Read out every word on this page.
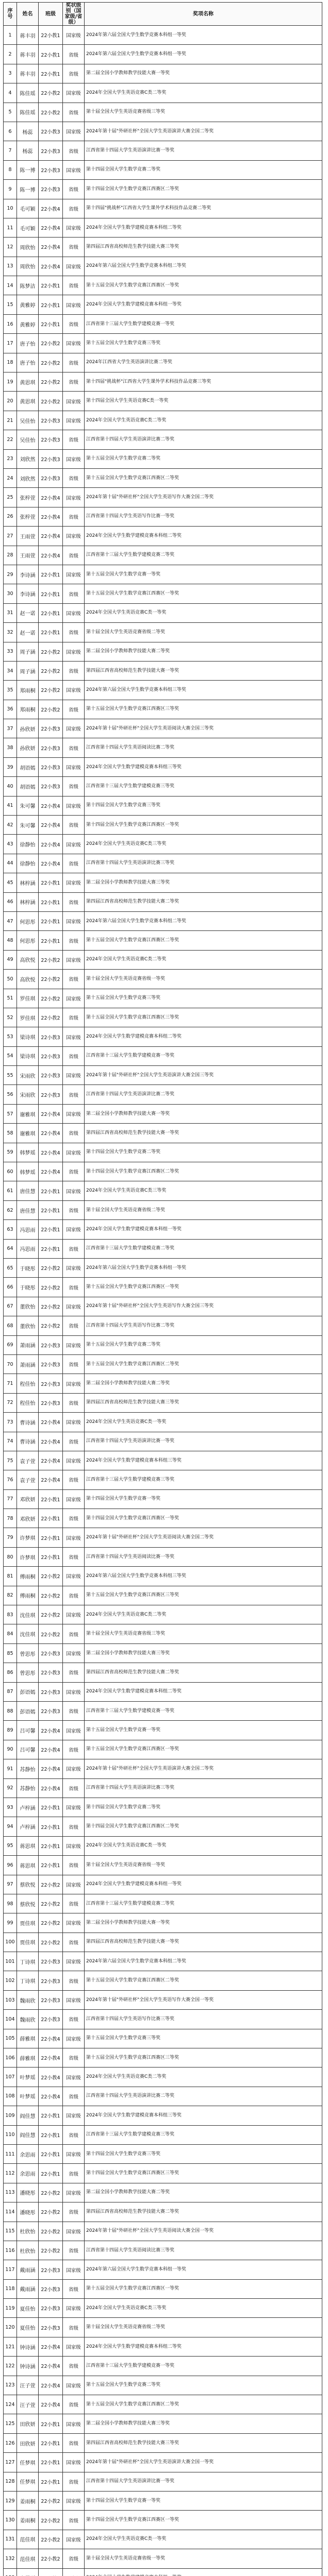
序号	姓名	班级	奖状级别（国家级/省级）	奖项名称
1	蒋丰羽	22小教1	国家级	2024年第六届全国大学生数学竞赛本科组一等奖
2	蒋丰羽	22小教1	省级	2024年第六届全国大学生数学竞赛本科组一等奖
3	蒋丰羽	22小教1	省级	第二届全国小学教师教学技能大赛一等奖
4	陈佳瑶	22小教2	国家级	2024年全国大学生英语竞赛C类二等奖
5	陈佳瑶	22小教2	省级	第十届全国大学生英语竞赛省级三等奖
6	杨蕊	22小教3	国家级	2024年第十届"外研社杯"全国大学生英语演讲大赛全国二等奖
7	杨蕊	22小教3	省级	江西省第十四届大学生英语演讲比赛一等奖
8	陈一博	22小教3	国家级	第十四届全国大学生数学竞赛二等奖
9	陈一博	22小教3	省级	第十四届全国大学生数学竞赛江西赛区二等奖
10	毛可颖	22小教4	省级	第十四届"挑战杯"江西省大学生课外学术科技作品竞赛二等奖
11	毛可颖	22小教4	国家级	2024年全国大学生数学建模竞赛本科组二等奖
12	周欣怡	22小教4	省级	第四届江西省高校师范生教学技能大赛三等奖
13	周欣怡	22小教4	国家级	2024年第六届全国大学生数学竞赛本科组二等奖
14	陈梦洁	22小教1	省级	第十五届全国大学生数学竞赛江西赛区一等奖
15	黄雅婷	22小教1	国家级	2024年全国大学生数学建模竞赛本科组一等奖
16	黄雅婷	22小教1	省级	江西省第十三届大学生数学建模竞赛一等奖
17	唐子怡	22小教2	国家级	第十五届全国大学生数学竞赛三等奖
18	唐子怡	22小教2	省级	2024年江西省大学生英语演讲比赛二等奖
19	黄思琪	22小教2	省级	第十四届"挑战杯"江西省大学生课外学术科技作品竞赛三等奖
20	黄思琪	22小教2	国家级	第十四届全国大学生英语竞赛C类一等奖
21	吴佳怡	22小教3	国家级	2024年全国大学生英语竞赛C类二等奖
22	吴佳怡	22小教3	省级	江西省第十四届大学生英语演讲比赛二等奖
23	刘欣然	22小教3	国家级	第十五届全国大学生数学竞赛二等奖
24	刘欣然	22小教3	省级	第十五届全国大学生数学竞赛江西赛区二等奖
25	张梓萱	22小教4	国家级	2024年第十届"外研社杯"全国大学生英语写作大赛全国二等奖
26	张梓萱	22小教4	省级	江西省第十四届大学生英语写作比赛一等奖
27	王雨萱	22小教4	国家级	2024年全国大学生数学建模竞赛本科组二等奖
28	王雨萱	22小教4	省级	江西省第十三届大学生数学建模竞赛二等奖
29	李诗涵	22小教1	国家级	第十五届全国大学生数学竞赛一等奖
30	李诗涵	22小教1	省级	第十五届全国大学生数学竞赛江西赛区一等奖
31	赵一诺	22小教1	国家级	2024年全国大学生英语竞赛C类一等奖
32	赵一诺	22小教1	省级	第十届全国大学生英语竞赛省级二等奖
33	周子涵	22小教2	国家级	第二届全国小学教师教学技能大赛二等奖
34	周子涵	22小教2	省级	第四届江西省高校师范生教学技能大赛一等奖
35	郑雨桐	22小教2	国家级	2024年第六届全国大学生数学竞赛本科组三等奖
36	郑雨桐	22小教2	省级	第十五届全国大学生数学竞赛江西赛区三等奖
37	孙欣妍	22小教3	国家级	2024年第十届"外研社杯"全国大学生英语阅读大赛全国三等奖
38	孙欣妍	22小教3	省级	江西省第十四届大学生英语阅读比赛二等奖
39	胡语嫣	22小教3	国家级	2024年全国大学生数学建模竞赛本科组三等奖
40	胡语嫣	22小教3	省级	江西省第十三届大学生数学建模竞赛三等奖
41	朱可馨	22小教4	国家级	第十四届全国大学生数学竞赛三等奖
42	朱可馨	22小教4	省级	第十四届全国大学生数学竞赛江西赛区一等奖
43	徐静怡	22小教4	国家级	2024年全国大学生英语竞赛C类三等奖
44	徐静怡	22小教4	省级	江西省第十四届大学生英语演讲比赛三等奖
45	林梓涵	22小教1	国家级	第二届全国小学教师教学技能大赛三等奖
46	林梓涵	22小教1	省级	第四届江西省高校师范生教学技能大赛二等奖
47	何思彤	22小教1	国家级	2024年第六届全国大学生数学竞赛本科组二等奖
48	何思彤	22小教1	省级	第十五届全国大学生数学竞赛江西赛区二等奖
49	高欣悦	22小教2	国家级	2024年全国大学生英语竞赛C类二等奖
50	高欣悦	22小教2	省级	第十届全国大学生英语竞赛省级一等奖
51	罗佳琪	22小教2	国家级	第十五届全国大学生数学竞赛三等奖
52	罗佳琪	22小教2	省级	第十五届全国大学生数学竞赛江西赛区三等奖
53	梁诗琪	22小教3	国家级	2024年全国大学生数学建模竞赛本科组二等奖
54	梁诗琪	22小教3	省级	江西省第十三届大学生数学建模竞赛一等奖
55	宋雨欣	22小教3	国家级	2024年第十届"外研社杯"全国大学生英语演讲大赛全国三等奖
56	宋雨欣	22小教3	省级	江西省第十四届大学生英语演讲比赛二等奖
57	谢雅琪	22小教4	国家级	第二届全国小学教师教学技能大赛一等奖
58	谢雅琪	22小教4	省级	第四届江西省高校师范生教学技能大赛一等奖
59	韩梦瑶	22小教4	国家级	第十四届全国大学生数学竞赛二等奖
60	韩梦瑶	22小教4	省级	第十四届全国大学生数学竞赛江西赛区二等奖
61	唐佳慧	22小教1	国家级	2024年全国大学生英语竞赛C类三等奖
62	唐佳慧	22小教1	省级	第十届全国大学生英语竞赛省级二等奖
63	冯思雨	22小教1	国家级	2024年全国大学生数学建模竞赛本科组一等奖
64	冯思雨	22小教1	省级	江西省第十三届大学生数学建模竞赛二等奖
65	于晓彤	22小教2	国家级	2024年第六届全国大学生数学竞赛本科组一等奖
66	于晓彤	22小教2	省级	第十五届全国大学生数学竞赛江西赛区一等奖
67	董欣怡	22小教2	国家级	2024年第十届"外研社杯"全国大学生英语写作大赛全国三等奖
68	董欣怡	22小教2	省级	江西省第十四届大学生英语写作比赛二等奖
69	萧雨涵	22小教3	国家级	第十五届全国大学生数学竞赛二等奖
70	萧雨涵	22小教3	省级	第十五届全国大学生数学竞赛江西赛区二等奖
71	程佳怡	22小教3	国家级	第二届全国小学教师教学技能大赛二等奖
72	程佳怡	22小教3	省级	第四届江西省高校师范生教学技能大赛三等奖
73	曹诗涵	22小教4	国家级	2024年全国大学生英语竞赛C类一等奖
74	曹诗涵	22小教4	省级	江西省第十四届大学生英语演讲比赛一等奖
75	袁子萱	22小教4	国家级	2024年全国大学生数学建模竞赛本科组三等奖
76	袁子萱	22小教4	省级	江西省第十三届大学生数学建模竞赛三等奖
77	邓欣妍	22小教1	国家级	第十四届全国大学生数学竞赛一等奖
78	邓欣妍	22小教1	省级	第十四届全国大学生数学竞赛江西赛区一等奖
79	许梦琪	22小教1	国家级	2024年第十届"外研社杯"全国大学生英语阅读大赛全国二等奖
80	许梦琪	22小教1	省级	江西省第十四届大学生英语阅读比赛一等奖
81	傅雨桐	22小教2	国家级	2024年第六届全国大学生数学竞赛本科组三等奖
82	傅雨桐	22小教2	省级	第十五届全国大学生数学竞赛江西赛区三等奖
83	沈佳琪	22小教2	国家级	2024年全国大学生英语竞赛C类二等奖
84	沈佳琪	22小教2	省级	第十届全国大学生英语竞赛省级三等奖
85	曾思彤	22小教3	国家级	第二届全国小学教师教学技能大赛三等奖
86	曾思彤	22小教3	省级	第四届江西省高校师范生教学技能大赛二等奖
87	彭语嫣	22小教3	国家级	2024年全国大学生数学建模竞赛本科组二等奖
88	彭语嫣	22小教3	省级	江西省第十三届大学生数学建模竞赛一等奖
89	吕可馨	22小教4	国家级	第十五届全国大学生数学竞赛一等奖
90	吕可馨	22小教4	省级	第十五届全国大学生数学竞赛江西赛区一等奖
91	苏静怡	22小教4	国家级	2024年第十届"外研社杯"全国大学生英语演讲大赛全国二等奖
92	苏静怡	22小教4	省级	江西省第十四届大学生英语演讲比赛三等奖
93	卢梓涵	22小教1	国家级	第十四届全国大学生数学竞赛二等奖
94	卢梓涵	22小教1	省级	第十四届全国大学生数学竞赛江西赛区二等奖
95	蒋思琪	22小教1	国家级	2024年全国大学生英语竞赛C类一等奖
96	蒋思琪	22小教1	省级	第十届全国大学生英语竞赛省级一等奖
97	蔡欣悦	22小教2	国家级	2024年全国大学生数学建模竞赛本科组一等奖
98	蔡欣悦	22小教2	省级	江西省第十三届大学生数学建模竞赛二等奖
99	贾佳琪	22小教2	国家级	第二届全国小学教师教学技能大赛一等奖
100	贾佳琪	22小教2	省级	第四届江西省高校师范生教学技能大赛一等奖
101	丁诗琪	22小教3	国家级	2024年第六届全国大学生数学竞赛本科组二等奖
102	丁诗琪	22小教3	省级	第十五届全国大学生数学竞赛江西赛区二等奖
103	魏雨欣	22小教3	国家级	2024年第十届"外研社杯"全国大学生英语写作大赛全国一等奖
104	魏雨欣	22小教3	省级	江西省第十四届大学生英语写作比赛三等奖
105	薛雅琪	22小教4	国家级	第十五届全国大学生数学竞赛三等奖
106	薛雅琪	22小教4	省级	第十五届全国大学生数学竞赛江西赛区三等奖
107	叶梦瑶	22小教4	国家级	2024年全国大学生英语竞赛C类二等奖
108	叶梦瑶	22小教4	省级	江西省第十四届大学生英语演讲比赛二等奖
109	阎佳慧	22小教1	国家级	2024年全国大学生数学建模竞赛本科组三等奖
110	阎佳慧	22小教1	省级	江西省第十三届大学生数学建模竞赛三等奖
111	余思雨	22小教1	国家级	第十四届全国大学生数学竞赛三等奖
112	余思雨	22小教1	省级	第十四届全国大学生数学竞赛江西赛区三等奖
113	潘晓彤	22小教2	国家级	第二届全国小学教师教学技能大赛二等奖
114	潘晓彤	22小教2	省级	第四届江西省高校师范生教学技能大赛二等奖
115	杜欣怡	22小教2	国家级	2024年第十届"外研社杯"全国大学生英语阅读大赛全国一等奖
116	杜欣怡	22小教2	省级	江西省第十四届大学生英语阅读比赛三等奖
117	戴雨涵	22小教3	国家级	2024年第六届全国大学生数学竞赛本科组一等奖
118	戴雨涵	22小教3	省级	第十五届全国大学生数学竞赛江西赛区一等奖
119	夏佳怡	22小教3	国家级	2024年全国大学生英语竞赛C类三等奖
120	夏佳怡	22小教3	省级	第十届全国大学生英语竞赛省级二等奖
121	钟诗涵	22小教4	国家级	2024年全国大学生数学建模竞赛本科组二等奖
122	钟诗涵	22小教4	省级	江西省第十三届大学生数学建模竞赛一等奖
123	汪子萱	22小教4	国家级	第十五届全国大学生数学竞赛二等奖
124	汪子萱	22小教4	省级	第十五届全国大学生数学竞赛江西赛区二等奖
125	田欣妍	22小教1	国家级	第二届全国小学教师教学技能大赛三等奖
126	田欣妍	22小教1	省级	第四届江西省高校师范生教学技能大赛三等奖
127	任梦琪	22小教1	国家级	2024年第十届"外研社杯"全国大学生英语演讲大赛全国一等奖
128	任梦琪	22小教1	省级	江西省第十四届大学生英语演讲比赛一等奖
129	姜雨桐	22小教2	国家级	第十四届全国大学生数学竞赛一等奖
130	姜雨桐	22小教2	省级	第十四届全国大学生数学竞赛江西赛区一等奖
131	范佳琪	22小教2	国家级	2024年全国大学生英语竞赛C类一等奖
132	范佳琪	22小教2	省级	第十届全国大学生英语竞赛省级一等奖
